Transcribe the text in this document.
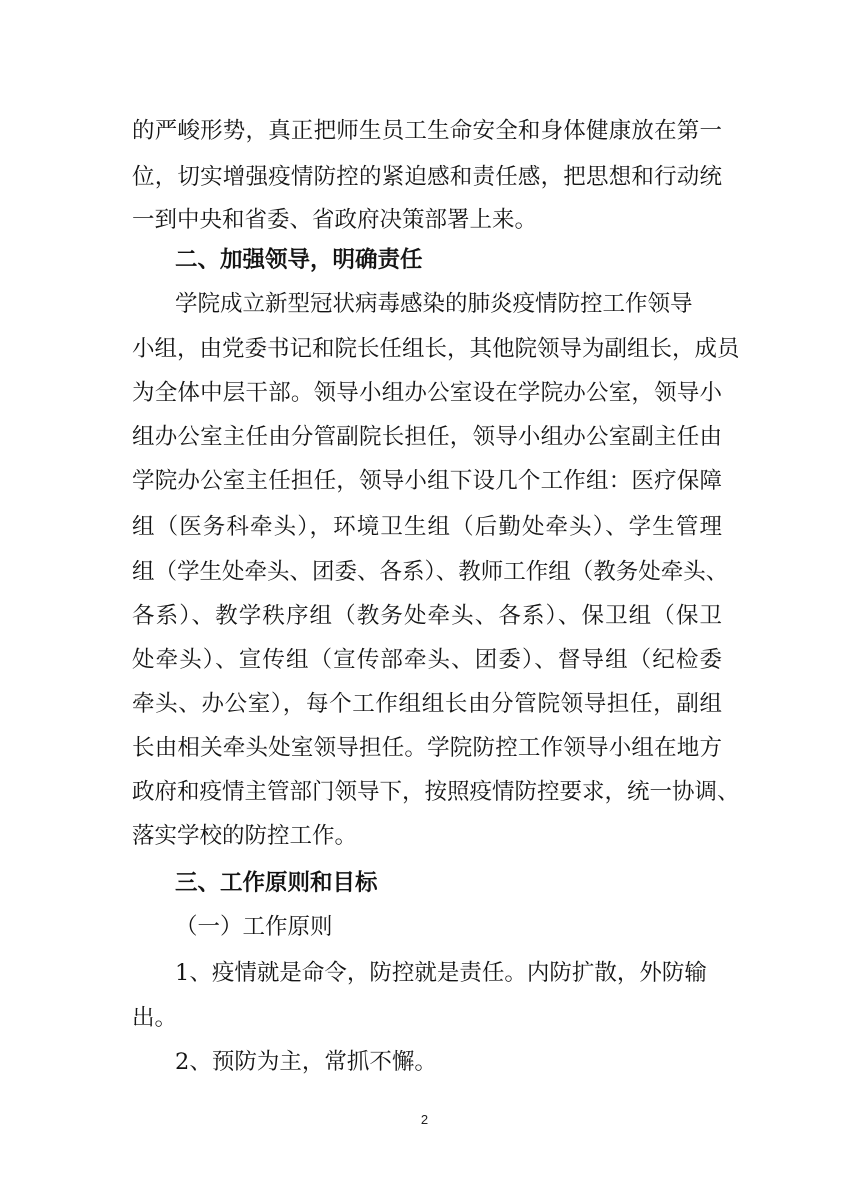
的严峻形势，真正把师生员工生命安全和身体健康放在第一

位，切实增强疫情防控的紧迫感和责任感，把思想和行动统

一到中央和省委、省政府决策部署上来。

二、加强领导，明确责任

学院成立新型冠状病毒感染的肺炎疫情防控工作领导

小组，由党委书记和院长任组长，其他院领导为副组长，成员

为全体中层干部。领导小组办公室设在学院办公室，领导小

组办公室主任由分管副院长担任，领导小组办公室副主任由

学院办公室主任担任，领导小组下设几个工作组：医疗保障

组（医务科牵头），环境卫生组（后勤处牵头）、学生管理

组（学生处牵头、团委、各系）、教师工作组（教务处牵头、

各系）、教学秩序组（教务处牵头、各系）、保卫组（保卫

处牵头）、宣传组（宣传部牵头、团委）、督导组（纪检委

牵头、办公室），每个工作组组长由分管院领导担任，副组

长由相关牵头处室领导担任。学院防控工作领导小组在地方

政府和疫情主管部门领导下，按照疫情防控要求，统一协调、

落实学校的防控工作。

三、工作原则和目标

（一）工作原则

1、疫情就是命令，防控就是责任。内防扩散，外防输

出。

2、预防为主，常抓不懈。

2
